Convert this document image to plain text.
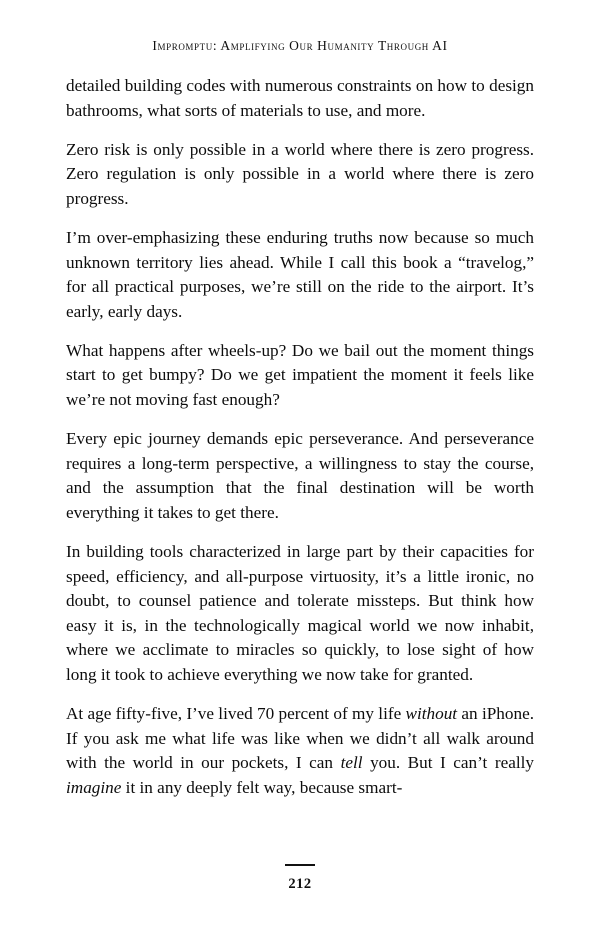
Impromptu: Amplifying Our Humanity Through AI

detailed building codes with numerous constraints on how to design bathrooms, what sorts of materials to use, and more.

Zero risk is only possible in a world where there is zero progress. Zero regulation is only possible in a world where there is zero progress.

I’m over-emphasizing these enduring truths now because so much unknown territory lies ahead. While I call this book a “travelog,” for all practical purposes, we’re still on the ride to the airport. It’s early, early days.

What happens after wheels-up? Do we bail out the moment things start to get bumpy? Do we get impatient the moment it feels like we’re not moving fast enough?

Every epic journey demands epic perseverance. And perseverance requires a long-term perspective, a willingness to stay the course, and the assumption that the final destination will be worth everything it takes to get there.

In building tools characterized in large part by their capacities for speed, efficiency, and all-purpose virtuosity, it’s a little ironic, no doubt, to counsel patience and tolerate missteps. But think how easy it is, in the technologically magical world we now inhabit, where we acclimate to miracles so quickly, to lose sight of how long it took to achieve everything we now take for granted.

At age fifty-five, I’ve lived 70 percent of my life without an iPhone. If you ask me what life was like when we didn’t all walk around with the world in our pockets, I can tell you. But I can’t really imagine it in any deeply felt way, because smart-

212
